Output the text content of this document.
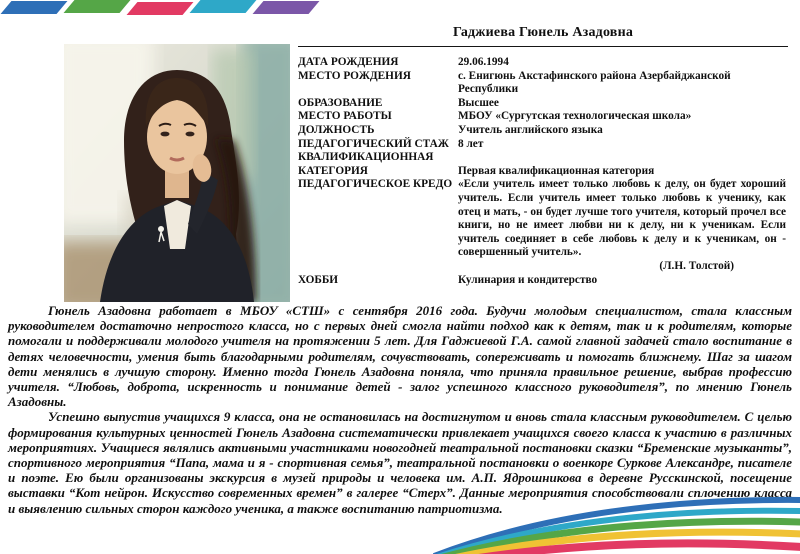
Гаджиева Гюнель Азадовна
ДАТА РОЖДЕНИЯ	29.06.1994
МЕСТО РОЖДЕНИЯ	с. Енигюнь Акстафинского района Азербайджанской Республики
ОБРАЗОВАНИЕ	Высшее
МЕСТО РАБОТЫ	МБОУ «Сургутская технологическая школа»
ДОЛЖНОСТЬ	Учитель английского языка
ПЕДАГОГИЧЕСКИЙ СТАЖ 8 лет
КВАЛИФИКАЦИОННАЯ КАТЕГОРИЯ	Первая квалификационная категория
ПЕДАГОГИЧЕСКОЕ КРЕДО «Если учитель имеет только любовь к делу, он будет хороший учитель. Если учитель имеет только любовь к ученику, как отец и мать, - он будет лучше того учителя, который прочел все книги, но не имеет любви ни к делу, ни к ученикам. Если учитель соединяет в себе любовь к делу и к ученикам, он - совершенный учитель».
(Л.Н. Толстой)
ХОББИ	Кулинария и кондитерство

Гюнель Азадовна работает в МБОУ «СТШ» с сентября 2016 года. Будучи молодым специалистом, стала классным руководителем достаточно непростого класса, но с первых дней смогла найти подход как к детям, так и к родителям, которые помогали и поддерживали молодого учителя на протяжении 5 лет. Для Гаджиевой Г.А. самой главной задачей стало воспитание в детях человечности, умения быть благодарными родителям, сочувствовать, сопереживать и помогать ближнему. Шаг за шагом дети менялись в лучшую сторону. Именно тогда Гюнель Азадовна поняла, что приняла правильное решение, выбрав профессию учителя. “Любовь, доброта, искренность и понимание детей - залог успешного классного руководителя”, по мнению Гюнель Азадовны.

Успешно выпустив учащихся 9 класса, она не остановилась на достигнутом и вновь стала классным руководителем. С целью формирования культурных ценностей Гюнель Азадовна систематически привлекает учащихся своего класса к участию в различных мероприятиях. Учащиеся являлись активными участниками новогодней театральной постановки сказки “Бременские музыканты”, спортивного мероприятия “Папа, мама и я - спортивная семья”, театральной постановки о военкоре Суркове Александре, писателе и поэте. Ею были организованы экскурсия в музей природы и человека им. А.П. Ядрошникова в деревне Русскинской, посещение выставки “Кот нейрон. Искусство современных времен” в галерее “Стерх”. Данные мероприятия способствовали сплочению класса и выявлению сильных сторон каждого ученика, а также воспитанию патриотизма.
